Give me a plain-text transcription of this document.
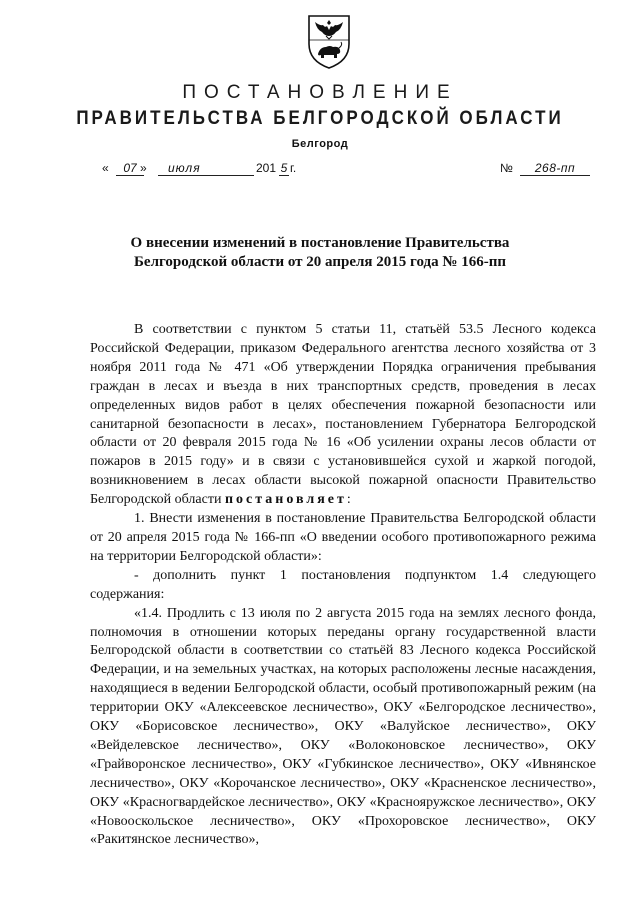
ПОСТАНОВЛЕНИЕ
ПРАВИТЕЛЬСТВА БЕЛГОРОДСКОЙ ОБЛАСТИ
Белгород
«	07 »	июля	201 5 г.	№	268-пп
О внесении изменений в постановление Правительства
Белгородской области от 20 апреля 2015 года № 166-пп

В соответствии с пунктом 5 статьи 11, статьёй 53.5 Лесного кодекса Российской Федерации, приказом Федерального агентства лесного хозяйства от 3 ноября 2011 года № 471 «Об утверждении Порядка ограничения пребывания граждан в лесах и въезда в них транспортных средств, проведения в лесах определенных видов работ в целях обеспечения пожарной безопасности или санитарной безопасности в лесах», постановлением Губернатора Белгородской области от 20 февраля 2015 года № 16 «Об усилении охраны лесов области от пожаров в 2015 году» и в связи с установившейся сухой и жаркой погодой, возникновением в лесах области высокой пожарной опасности Правительство Белгородской области постановляет:

1. Внести изменения в постановление Правительства Белгородской области от 20 апреля 2015 года № 166-пп «О введении особого противопожарного режима на территории Белгородской области»:

- дополнить пункт 1 постановления подпунктом 1.4 следующего содержания:

«1.4. Продлить с 13 июля по 2 августа 2015 года на землях лесного фонда, полномочия в отношении которых переданы органу государственной власти Белгородской области в соответствии со статьёй 83 Лесного кодекса Российской Федерации, и на земельных участках, на которых расположены лесные насаждения, находящиеся в ведении Белгородской области, особый противопожарный режим (на территории ОКУ «Алексеевское лесничество», ОКУ «Белгородское лесничество», ОКУ «Борисовское лесничество», ОКУ «Валуйское лесничество», ОКУ «Вейделевское лесничество», ОКУ «Волоконовское лесничество», ОКУ «Грайворонское лесничество», ОКУ «Губкинское лесничество», ОКУ «Ивнянское лесничество», ОКУ «Корочанское лесничество», ОКУ «Красненское лесничество», ОКУ «Красногвардейское лесничество», ОКУ «Краснояружское лесничество», ОКУ «Новооскольское лесничество», ОКУ «Прохоровское лесничество», ОКУ «Ракитянское лесничество»,
